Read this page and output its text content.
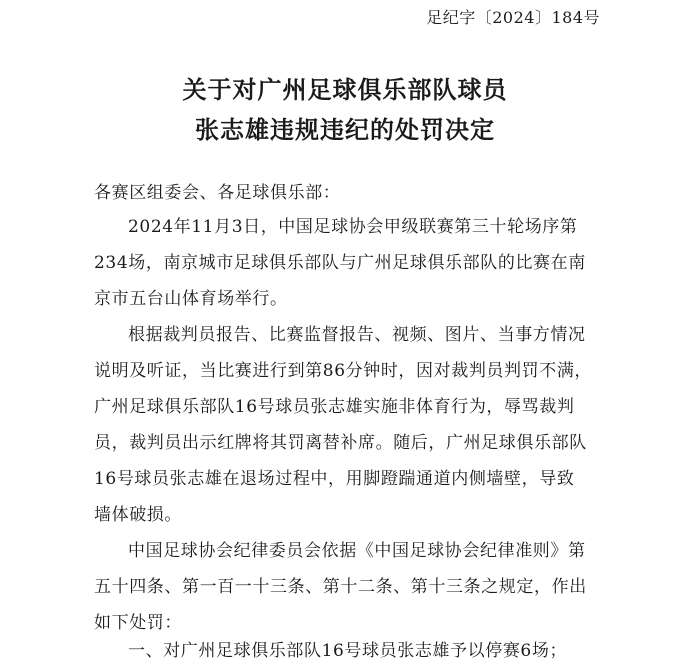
足纪字〔2024〕184号
关于对广州足球俱乐部队球员
张志雄违规违纪的处罚决定
各赛区组委会、各足球俱乐部：
2024年11月3日，中国足球协会甲级联赛第三十轮场序第
234场，南京城市足球俱乐部队与广州足球俱乐部队的比赛在南
京市五台山体育场举行。
根据裁判员报告、比赛监督报告、视频、图片、当事方情况
说明及听证，当比赛进行到第86分钟时，因对裁判员判罚不满，
广州足球俱乐部队16号球员张志雄实施非体育行为，辱骂裁判
员，裁判员出示红牌将其罚离替补席。随后，广州足球俱乐部队
16号球员张志雄在退场过程中，用脚蹬踹通道内侧墙壁，导致
墙体破损。
中国足球协会纪律委员会依据《中国足球协会纪律准则》第
五十四条、第一百一十三条、第十二条、第十三条之规定，作出
如下处罚：
一、对广州足球俱乐部队16号球员张志雄予以停赛6场；
